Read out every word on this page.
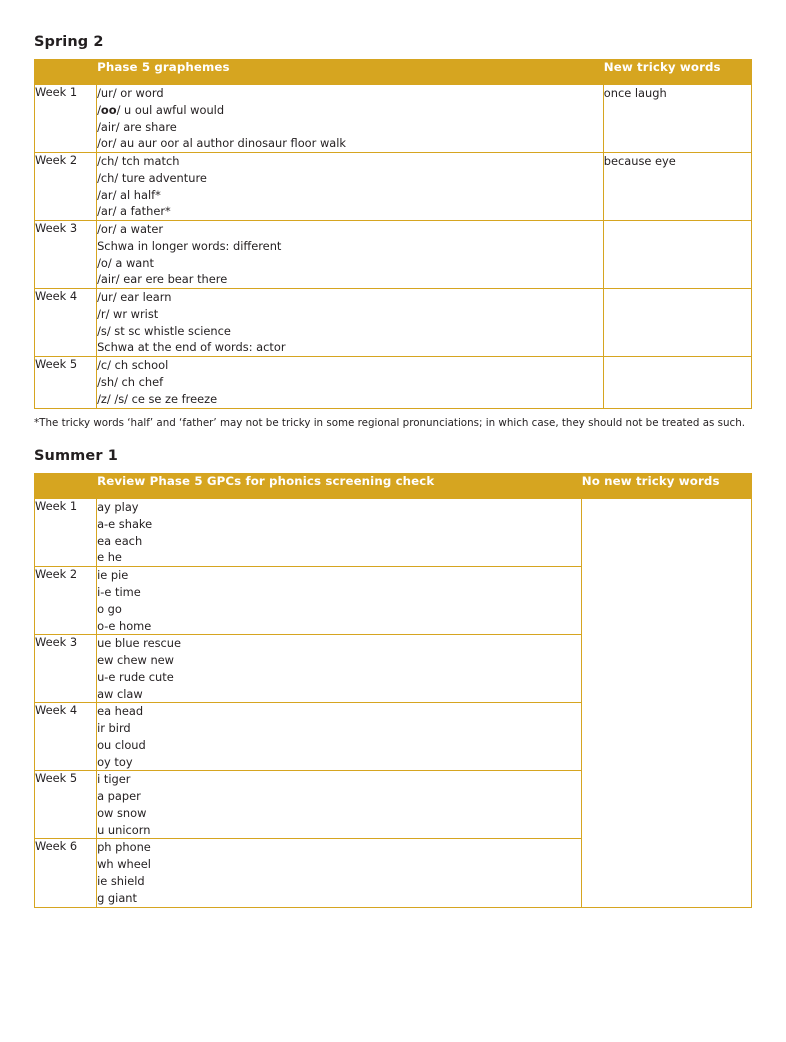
Spring 2
	Phase 5 graphemes	New tricky words
Week 1	/ur/ or word
/oo/ u oul awful would
/air/ are share
/or/ au aur oor al author dinosaur floor walk	once laugh
Week 2	/ch/ tch match
/ch/ ture adventure
/ar/ al half*
/ar/ a father*	because eye
Week 3	/or/ a water
Schwa in longer words: different
/o/ a want
/air/ ear ere bear there	

Week 4	/ur/ ear learn
/r/ wr wrist
/s/ st sc whistle science
Schwa at the end of words: actor	

Week 5	/c/ ch school
/sh/ ch chef
/z/ /s/ ce se ze freeze	

*The tricky words ‘half’ and ‘father’ may not be tricky in some regional pronunciations; in which case, they should not be treated as such.

Summer 1
	Review Phase 5 GPCs for phonics screening check	No new tricky words
Week 1	ay play
a-e shake
ea each
e he	

Week 2	ie pie
i-e time
o go
o-e home	

Week 3	ue blue rescue
ew chew new
u-e rude cute
aw claw	

Week 4	ea head
ir bird
ou cloud
oy toy	

Week 5	i tiger
a paper
ow snow
u unicorn	

Week 6	ph phone
wh wheel
ie shield
g giant	
